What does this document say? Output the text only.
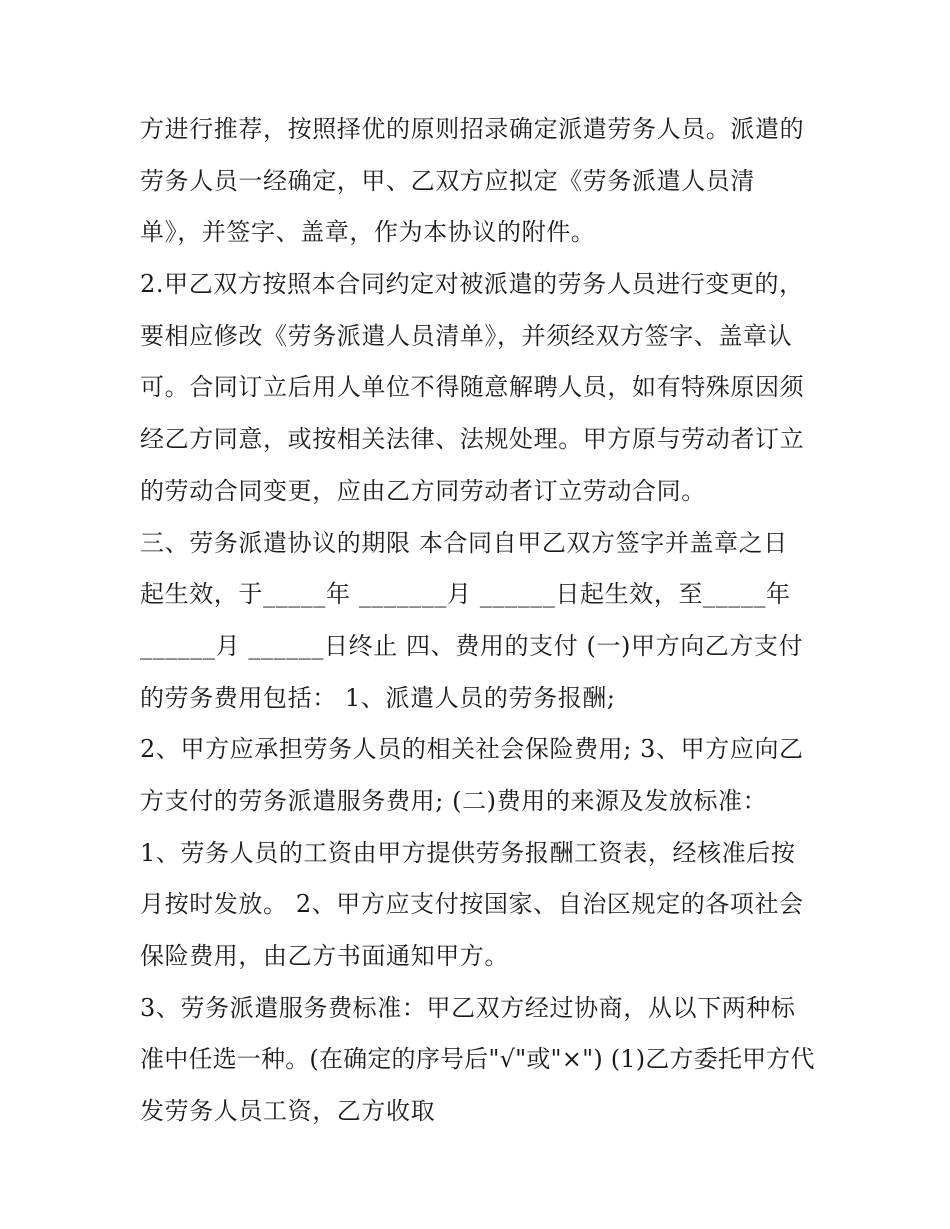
方进行推荐，按照择优的原则招录确定派遣劳务人员。派遣的
劳务人员一经确定，甲、乙双方应拟定《劳务派遣人员清
单》，并签字、盖章，作为本协议的附件。
2.甲乙双方按照本合同约定对被派遣的劳务人员进行变更的，
要相应修改《劳务派遣人员清单》，并须经双方签字、盖章认
可。合同订立后用人单位不得随意解聘人员，如有特殊原因须
经乙方同意，或按相关法律、法规处理。甲方原与劳动者订立
的劳动合同变更，应由乙方同劳动者订立劳动合同。
三、劳务派遣协议的期限 本合同自甲乙双方签字并盖章之日
起生效，于_____年 _______月 ______日起生效，至_____年
______月 ______日终止 四、费用的支付 (一)甲方向乙方支付
的劳务费用包括： 1、派遣人员的劳务报酬;
2、甲方应承担劳务人员的相关社会保险费用; 3、甲方应向乙
方支付的劳务派遣服务费用; (二)费用的来源及发放标准：
1、劳务人员的工资由甲方提供劳务报酬工资表，经核准后按
月按时发放。 2、甲方应支付按国家、自治区规定的各项社会
保险费用，由乙方书面通知甲方。
3、劳务派遣服务费标准：甲乙双方经过协商，从以下两种标
准中任选一种。(在确定的序号后"√"或"×") (1)乙方委托甲方代
发劳务人员工资，乙方收取
